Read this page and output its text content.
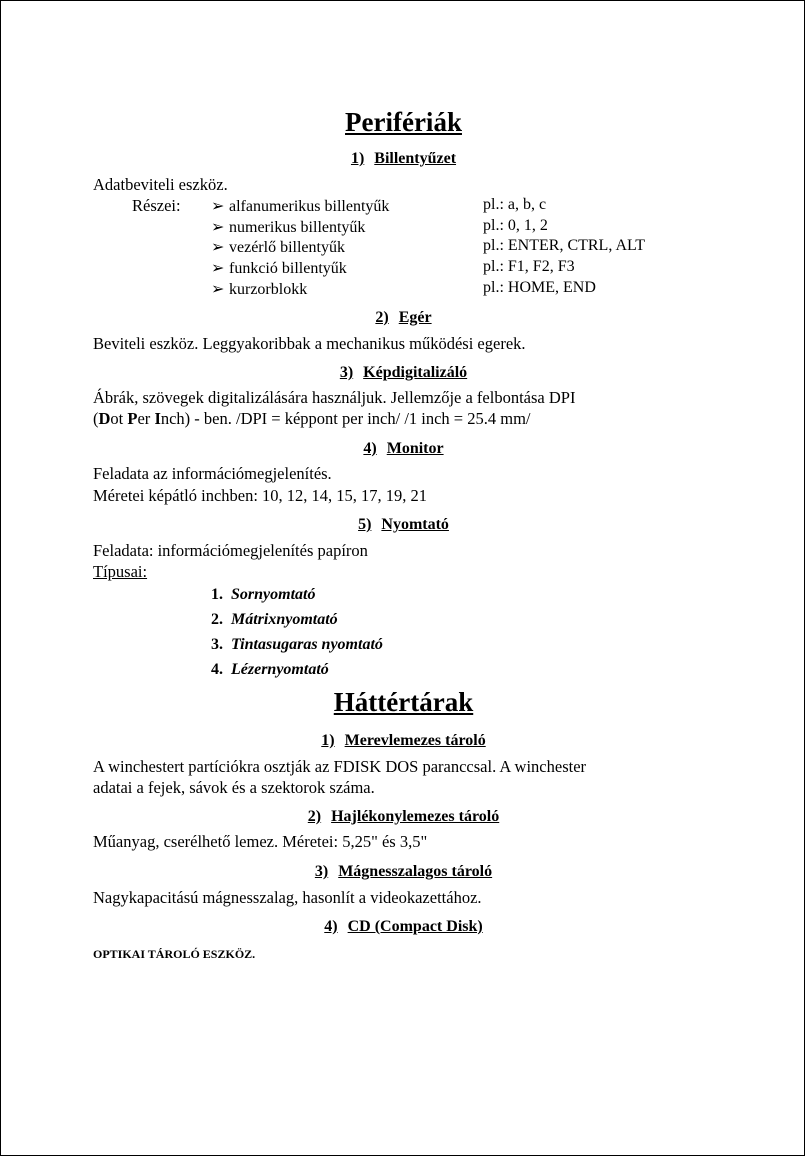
Perifériák
1) Billentyűzet
Adatbeviteli eszköz.
Részei: ➢ alfanumerikus billentyűk	pl.: a, b, c
➢ numerikus billentyűk	pl.: 0, 1, 2
➢ vezérlő billentyűk	pl.: ENTER, CTRL, ALT
➢ funkció billentyűk	pl.: F1, F2, F3
➢ kurzorblokk	pl.: HOME, END
2) Egér
Beviteli eszköz. Leggyakoribbak a mechanikus működési egerek.
3) Képdigitalizáló
Ábrák, szövegek digitalizálására használjuk. Jellemzője a felbontása DPI
(Dot Per Inch) - ben. /DPI = képpont per inch/ /1 inch = 25.4 mm/
4) Monitor
Feladata az információmegjelenítés.
Méretei képátló inchben: 10, 12, 14, 15, 17, 19, 21
5) Nyomtató
Feladata: információmegjelenítés papíron
Típusai:
1. Sornyomtató
2. Mátrixnyomtató
3. Tintasugaras nyomtató
4. Lézernyomtató
Háttértárak
1) Merevlemezes tároló
A winchestert partíciókra osztják az FDISK DOS paranccsal. A winchester
adatai a fejek, sávok és a szektorok száma.
2) Hajlékonylemezes tároló
Műanyag, cserélhető lemez. Méretei: 5,25" és 3,5"
3) Mágnesszalagos tároló
Nagykapacitású mágnesszalag, hasonlít a videokazettához.
4) CD (Compact Disk)
OPTIKAI TÁROLÓ ESZKÖZ.
